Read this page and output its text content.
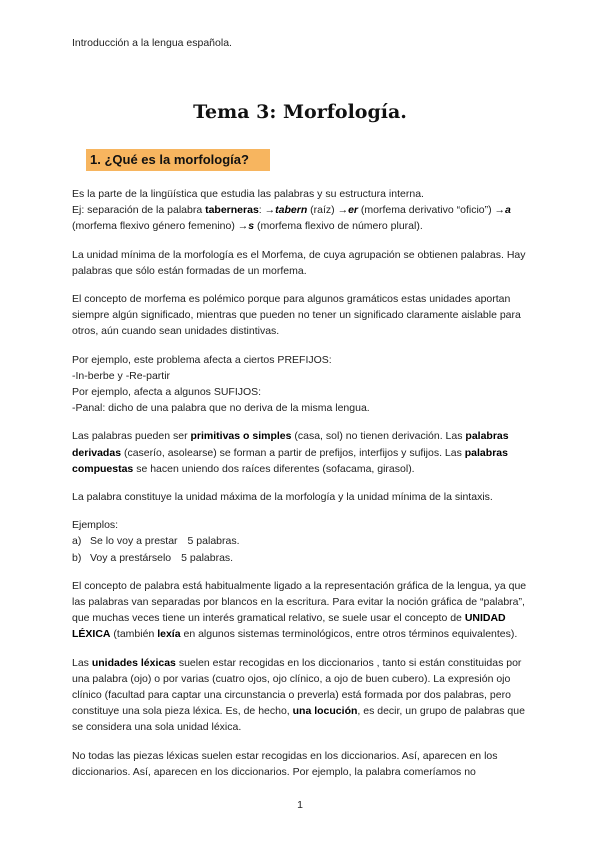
Introducción a la lengua española.
Tema 3: Morfología.
1. ¿Qué es la morfología?

Es la parte de la lingüística que estudia las palabras y su estructura interna.
Ej: separación de la palabra taberneras: →tabern (raíz) →er (morfema derivativo “oficio”) →a
(morfema flexivo género femenino) →s (morfema flexivo de número plural).

La unidad mínima de la morfología es el Morfema, de cuya agrupación se obtienen palabras. Hay palabras que sólo están formadas de un morfema.

El concepto de morfema es polémico porque para algunos gramáticos estas unidades aportan siempre algún significado, mientras que pueden no tener un significado claramente aislable para otros, aún cuando sean unidades distintivas.

Por ejemplo, este problema afecta a ciertos PREFIJOS:
-In-berbe y -Re-partir
Por ejemplo, afecta a algunos SUFIJOS:
-Panal: dicho de una palabra que no deriva de la misma lengua.

Las palabras pueden ser primitivas o simples (casa, sol) no tienen derivación. Las palabras derivadas (caserío, asolearse) se forman a partir de prefijos, interfijos y sufijos. Las palabras compuestas se hacen uniendo dos raíces diferentes (sofacama, girasol).

La palabra constituye la unidad máxima de la morfología y la unidad mínima de la sintaxis.

Ejemplos:

a) Se lo voy a prestar 5 palabras.
b) Voy a prestárselo 5 palabras.

El concepto de palabra está habitualmente ligado a la representación gráfica de la lengua, ya que las palabras van separadas por blancos en la escritura. Para evitar la noción gráfica de “palabra”, que muchas veces tiene un interés gramatical relativo, se suele usar el concepto de UNIDAD LÉXICA (también lexía en algunos sistemas terminológicos, entre otros términos equivalentes).

Las unidades léxicas suelen estar recogidas en los diccionarios , tanto si están constituidas por una palabra (ojo) o por varias (cuatro ojos, ojo clínico, a ojo de buen cubero). La expresión ojo clínico (facultad para captar una circunstancia o preverla) está formada por dos palabras, pero constituye una sola pieza léxica. Es, de hecho, una locución, es decir, un grupo de palabras que se considera una sola unidad léxica.

No todas las piezas léxicas suelen estar recogidas en los diccionarios. Así, aparecen en los diccionarios. Así, aparecen en los diccionarios. Por ejemplo, la palabra comeríamos no

1
